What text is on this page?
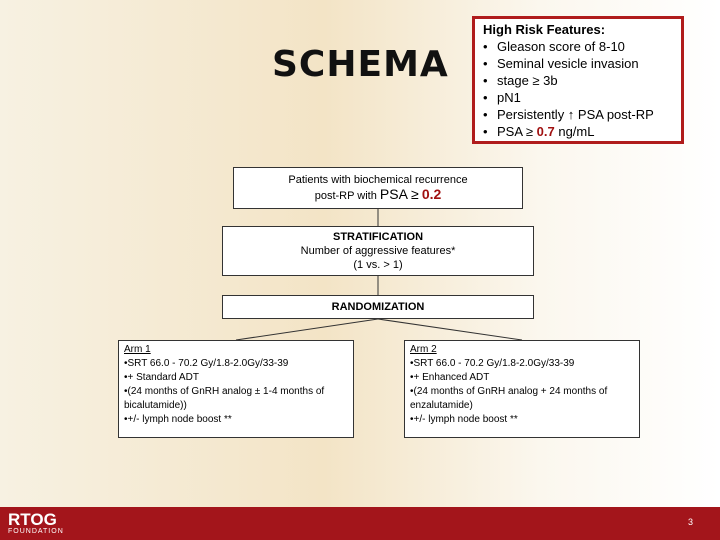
SCHEMA
High Risk Features:
• Gleason score of 8-10
• Seminal vesicle invasion
• stage ≥ 3b
• pN1
• Persistently ↑ PSA post-RP
• PSA ≥ 0.7 ng/mL
Patients with biochemical recurrence
post-RP with PSA ≥ 0.2
STRATIFICATION
Number of aggressive features*
(1 vs. > 1)
RANDOMIZATION
Arm 1
•SRT 66.0 - 70.2 Gy/1.8-2.0Gy/33-39
•+ Standard ADT
•(24 months of GnRH analog ± 1-4 months of bicalutamide))
•+/- lymph node boost **
Arm 2
•SRT 66.0 - 70.2 Gy/1.8-2.0Gy/33-39
•+ Enhanced ADT
•(24 months of GnRH analog + 24 months of enzalutamide)
•+/- lymph node boost **
RTOG
FOUNDATION
3
